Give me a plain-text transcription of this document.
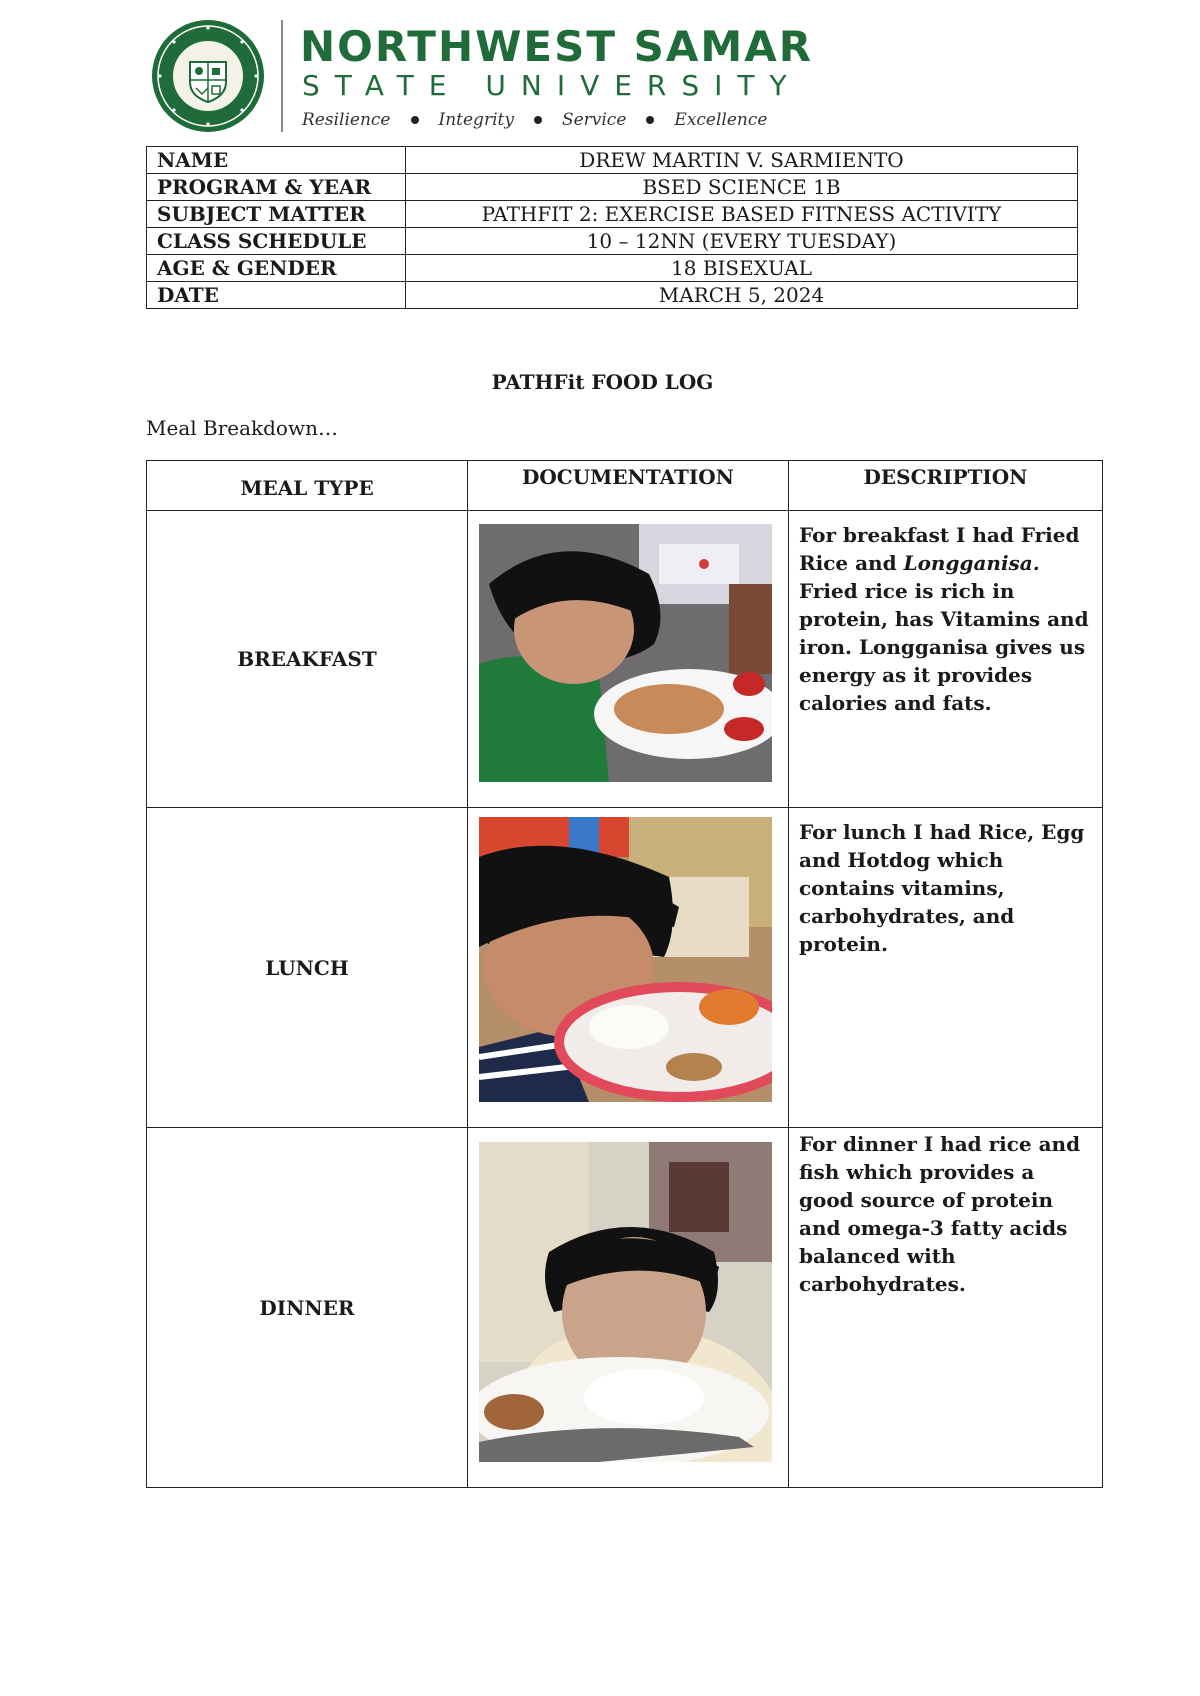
NORTHWEST SAMAR
STATE UNIVERSITY
Resilience	Integrity	Service	Excellence
NAME	DREW MARTIN V. SARMIENTO
PROGRAM & YEAR	BSED SCIENCE 1B
SUBJECT MATTER	PATHFIT 2: EXERCISE BASED FITNESS ACTIVITY
CLASS SCHEDULE	10 – 12NN (EVERY TUESDAY)
AGE & GENDER	18 BISEXUAL
DATE	MARCH 5, 2024
PATHFit FOOD LOG
Meal Breakdown…
MEAL TYPE	DOCUMENTATION	DESCRIPTION
BREAKFAST		For breakfast I had Fried Rice and Longganisa. Fried rice is rich in protein, has Vitamins and iron. Longganisa gives us energy as it provides calories and fats.
LUNCH		For lunch I had Rice, Egg and Hotdog which contains vitamins, carbohydrates, and protein.
DINNER		For dinner I had rice and fish which provides a good source of protein and omega-3 fatty acids balanced with carbohydrates.
